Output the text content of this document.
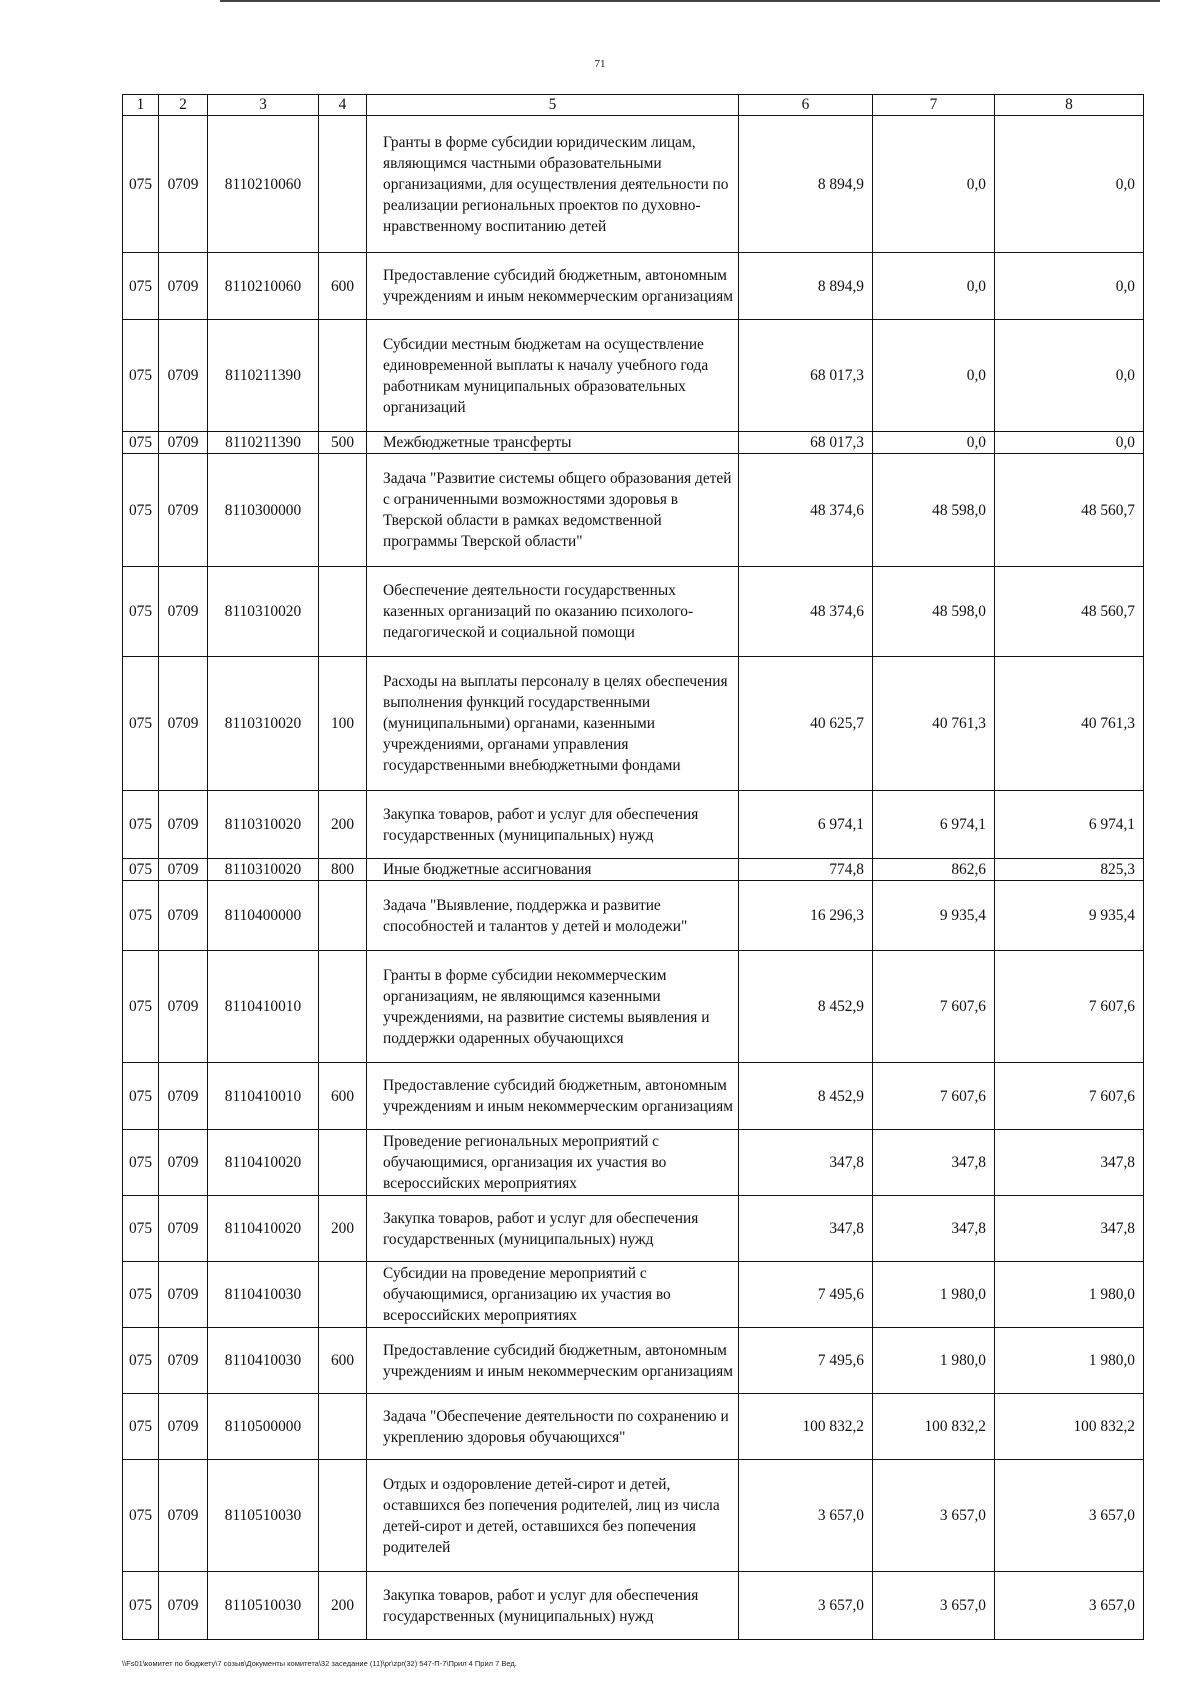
71
1	2	3	4	5	6	7	8
075	0709	8110210060		Гранты в форме субсидии юридическим лицам, являющимся частными образовательными организациями, для осуществления деятельности по реализации региональных проектов по духовно-нравственному воспитанию детей	8 894,9	0,0	0,0
075	0709	8110210060	600	Предоставление субсидий бюджетным, автономным учреждениям и иным некоммерческим организациям	8 894,9	0,0	0,0
075	0709	8110211390		Субсидии местным бюджетам на осуществление единовременной выплаты к началу учебного года работникам муниципальных образовательных организаций	68 017,3	0,0	0,0
075	0709	8110211390	500	Межбюджетные трансферты	68 017,3	0,0	0,0
075	0709	8110300000		Задача "Развитие системы общего образования детей с ограниченными возможностями здоровья в Тверской области в рамках ведомственной программы Тверской области"	48 374,6	48 598,0	48 560,7
075	0709	8110310020		Обеспечение деятельности государственных казенных организаций по оказанию психолого-педагогической и социальной помощи	48 374,6	48 598,0	48 560,7
075	0709	8110310020	100	Расходы на выплаты персоналу в целях обеспечения выполнения функций государственными (муниципальными) органами, казенными учреждениями, органами управления государственными внебюджетными фондами	40 625,7	40 761,3	40 761,3
075	0709	8110310020	200	Закупка товаров, работ и услуг для обеспечения государственных (муниципальных) нужд	6 974,1	6 974,1	6 974,1
075	0709	8110310020	800	Иные бюджетные ассигнования	774,8	862,6	825,3
075	0709	8110400000		Задача "Выявление, поддержка и развитие способностей и талантов у детей и молодежи"	16 296,3	9 935,4	9 935,4
075	0709	8110410010		Гранты в форме субсидии некоммерческим организациям, не являющимся казенными учреждениями, на развитие системы выявления и поддержки одаренных обучающихся	8 452,9	7 607,6	7 607,6
075	0709	8110410010	600	Предоставление субсидий бюджетным, автономным учреждениям и иным некоммерческим организациям	8 452,9	7 607,6	7 607,6
075	0709	8110410020		Проведение региональных мероприятий с обучающимися, организация их участия во всероссийских мероприятиях	347,8	347,8	347,8
075	0709	8110410020	200	Закупка товаров, работ и услуг для обеспечения государственных (муниципальных) нужд	347,8	347,8	347,8
075	0709	8110410030		Субсидии на проведение мероприятий с обучающимися, организацию их участия во всероссийских мероприятиях	7 495,6	1 980,0	1 980,0
075	0709	8110410030	600	Предоставление субсидий бюджетным, автономным учреждениям и иным некоммерческим организациям	7 495,6	1 980,0	1 980,0
075	0709	8110500000		Задача "Обеспечение деятельности по сохранению и укреплению здоровья обучающихся"	100 832,2	100 832,2	100 832,2
075	0709	8110510030		Отдых и оздоровление детей-сирот и детей, оставшихся без попечения родителей, лиц из числа детей-сирот и детей, оставшихся без попечения родителей	3 657,0	3 657,0	3 657,0
075	0709	8110510030	200	Закупка товаров, работ и услуг для обеспечения государственных (муниципальных) нужд	3 657,0	3 657,0	3 657,0
\\Fs01\комитет по бюджету\7 созыв\Документы комитета\32 заседание (11)\pr\zpr(32) 547-П-7\Прил 4 Прил 7 Вед.
